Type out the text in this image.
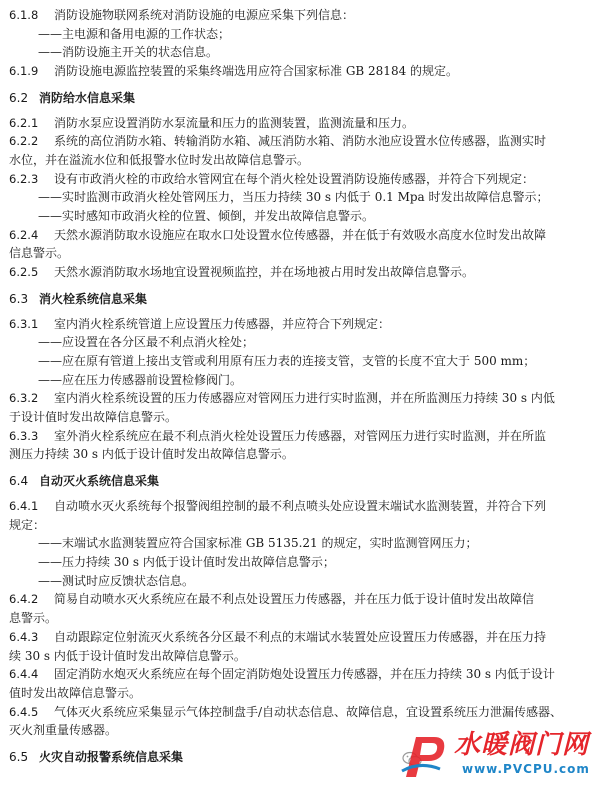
6.1.8 消防设施物联网系统对消防设施的电源应采集下列信息：
——主电源和备用电源的工作状态；
——消防设施主开关的状态信息。
6.1.9 消防设施电源监控装置的采集终端选用应符合国家标准 GB 28184 的规定。
6.2 消防给水信息采集
6.2.1 消防水泵应设置消防水泵流量和压力的监测装置，监测流量和压力。
6.2.2 系统的高位消防水箱、转输消防水箱、减压消防水箱、消防水池应设置水位传感器，监测实时
水位，并在溢流水位和低报警水位时发出故障信息警示。
6.2.3 设有市政消火栓的市政给水管网宜在每个消火栓处设置消防设施传感器，并符合下列规定：
——实时监测市政消火栓处管网压力，当压力持续 30 s 内低于 0.1 Mpa 时发出故障信息警示；
——实时感知市政消火栓的位置、倾倒，并发出故障信息警示。
6.2.4 天然水源消防取水设施应在取水口处设置水位传感器，并在低于有效吸水高度水位时发出故障
信息警示。
6.2.5 天然水源消防取水场地宜设置视频监控，并在场地被占用时发出故障信息警示。
6.3 消火栓系统信息采集
6.3.1 室内消火栓系统管道上应设置压力传感器，并应符合下列规定：
——应设置在各分区最不利点消火栓处；
——应在原有管道上接出支管或利用原有压力表的连接支管，支管的长度不宜大于 500 mm；
——应在压力传感器前设置检修阀门。
6.3.2 室内消火栓系统设置的压力传感器应对管网压力进行实时监测，并在所监测压力持续 30 s 内低
于设计值时发出故障信息警示。
6.3.3 室外消火栓系统应在最不利点消火栓处设置压力传感器，对管网压力进行实时监测，并在所监
测压力持续 30 s 内低于设计值时发出故障信息警示。
6.4 自动灭火系统信息采集
6.4.1 自动喷水灭火系统每个报警阀组控制的最不利点喷头处应设置末端试水监测装置，并符合下列
规定：
——末端试水监测装置应符合国家标准 GB 5135.21 的规定，实时监测管网压力；
——压力持续 30 s 内低于设计值时发出故障信息警示；
——测试时应反馈状态信息。
6.4.2 简易自动喷水灭火系统应在最不利点处设置压力传感器，并在压力低于设计值时发出故障信
息警示。
6.4.3 自动跟踪定位射流灭火系统各分区最不利点的末端试水装置处应设置压力传感器，并在压力持
续 30 s 内低于设计值时发出故障信息警示。
6.4.4 固定消防水炮灭火系统应在每个固定消防炮处设置压力传感器，并在压力持续 30 s 内低于设计
值时发出故障信息警示。
6.4.5 气体灭火系统应采集显示气体控制盘手/自动状态信息、故障信息，宜设置系统压力泄漏传感器、
灭火剂重量传感器。
6.5 火灾自动报警系统信息采集	水暖阀门网
www.PVCPU.com
